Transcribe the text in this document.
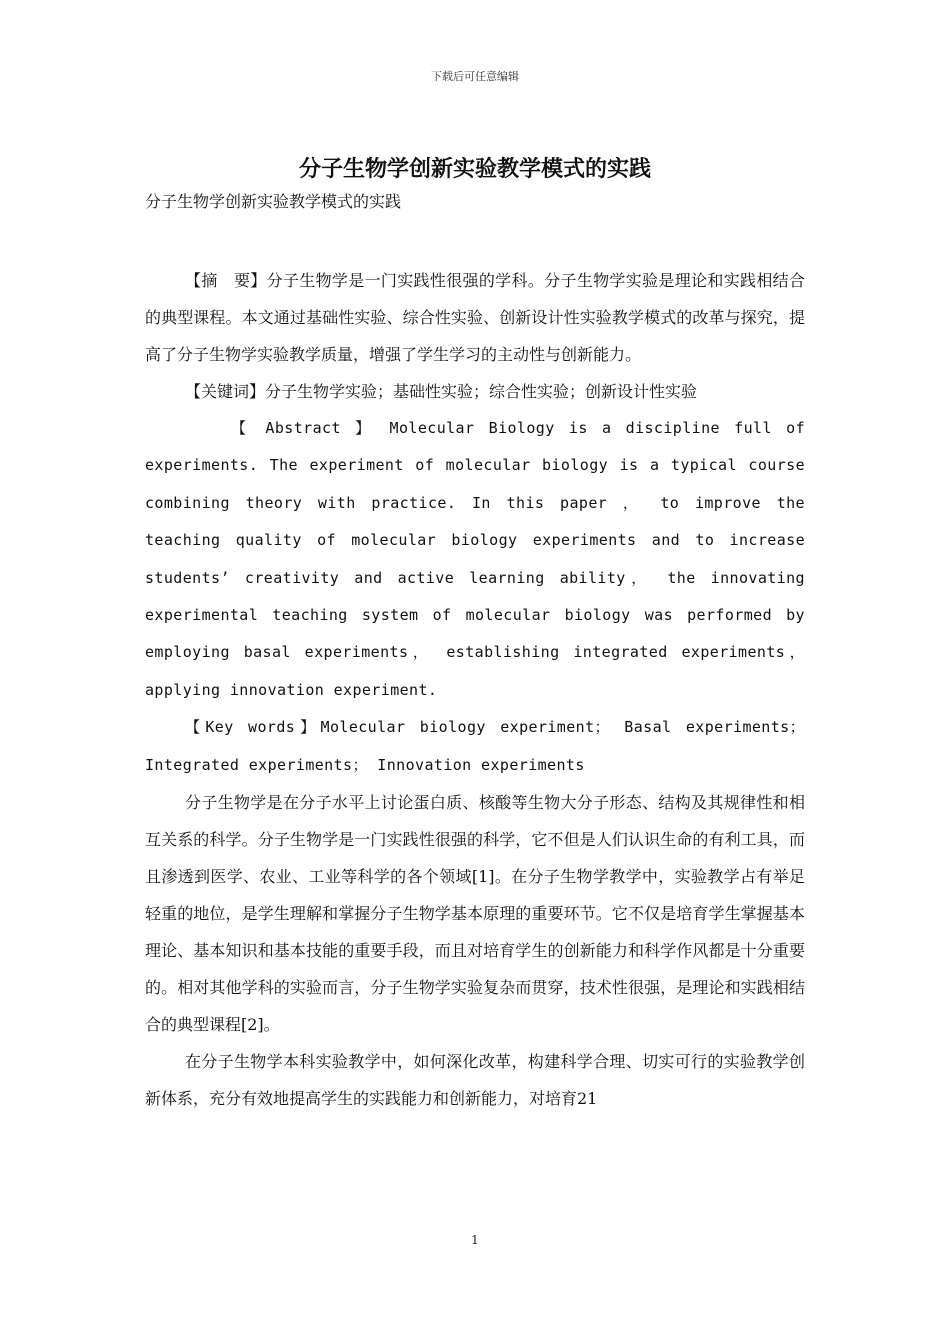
下载后可任意编辑
分子生物学创新实验教学模式的实践

分子生物学创新实验教学模式的实践

【摘　要】分子生物学是一门实践性很强的学科。分子生物学实验是理论和实践相结合的典型课程。本文通过基础性实验、综合性实验、创新设计性实验教学模式的改革与探究，提高了分子生物学实验教学质量，增强了学生学习的主动性与创新能力。

【关键词】分子生物学实验；基础性实验；综合性实验；创新设计性实验

【 Abstract 】 Molecular Biology is a discipline full of experiments. The experiment of molecular biology is a typical course combining theory with practice. In this paper ， to improve the teaching quality of molecular biology experiments and to increase students’ creativity and active learning ability， the innovating experimental teaching system of molecular biology was performed by employing basal experiments， establishing integrated experiments， applying innovation experiment.

【Key words】Molecular biology experiment； Basal experiments； Integrated experiments； Innovation experiments

分子生物学是在分子水平上讨论蛋白质、核酸等生物大分子形态、结构及其规律性和相互关系的科学。分子生物学是一门实践性很强的科学，它不但是人们认识生命的有利工具，而且渗透到医学、农业、工业等科学的各个领域[1]。在分子生物学教学中，实验教学占有举足轻重的地位，是学生理解和掌握分子生物学基本原理的重要环节。它不仅是培育学生掌握基本理论、基本知识和基本技能的重要手段，而且对培育学生的创新能力和科学作风都是十分重要的。相对其他学科的实验而言，分子生物学实验复杂而贯穿，技术性很强，是理论和实践相结合的典型课程[2]。

在分子生物学本科实验教学中，如何深化改革，构建科学合理、切实可行的实验教学创新体系，充分有效地提高学生的实践能力和创新能力，对培育21

1
